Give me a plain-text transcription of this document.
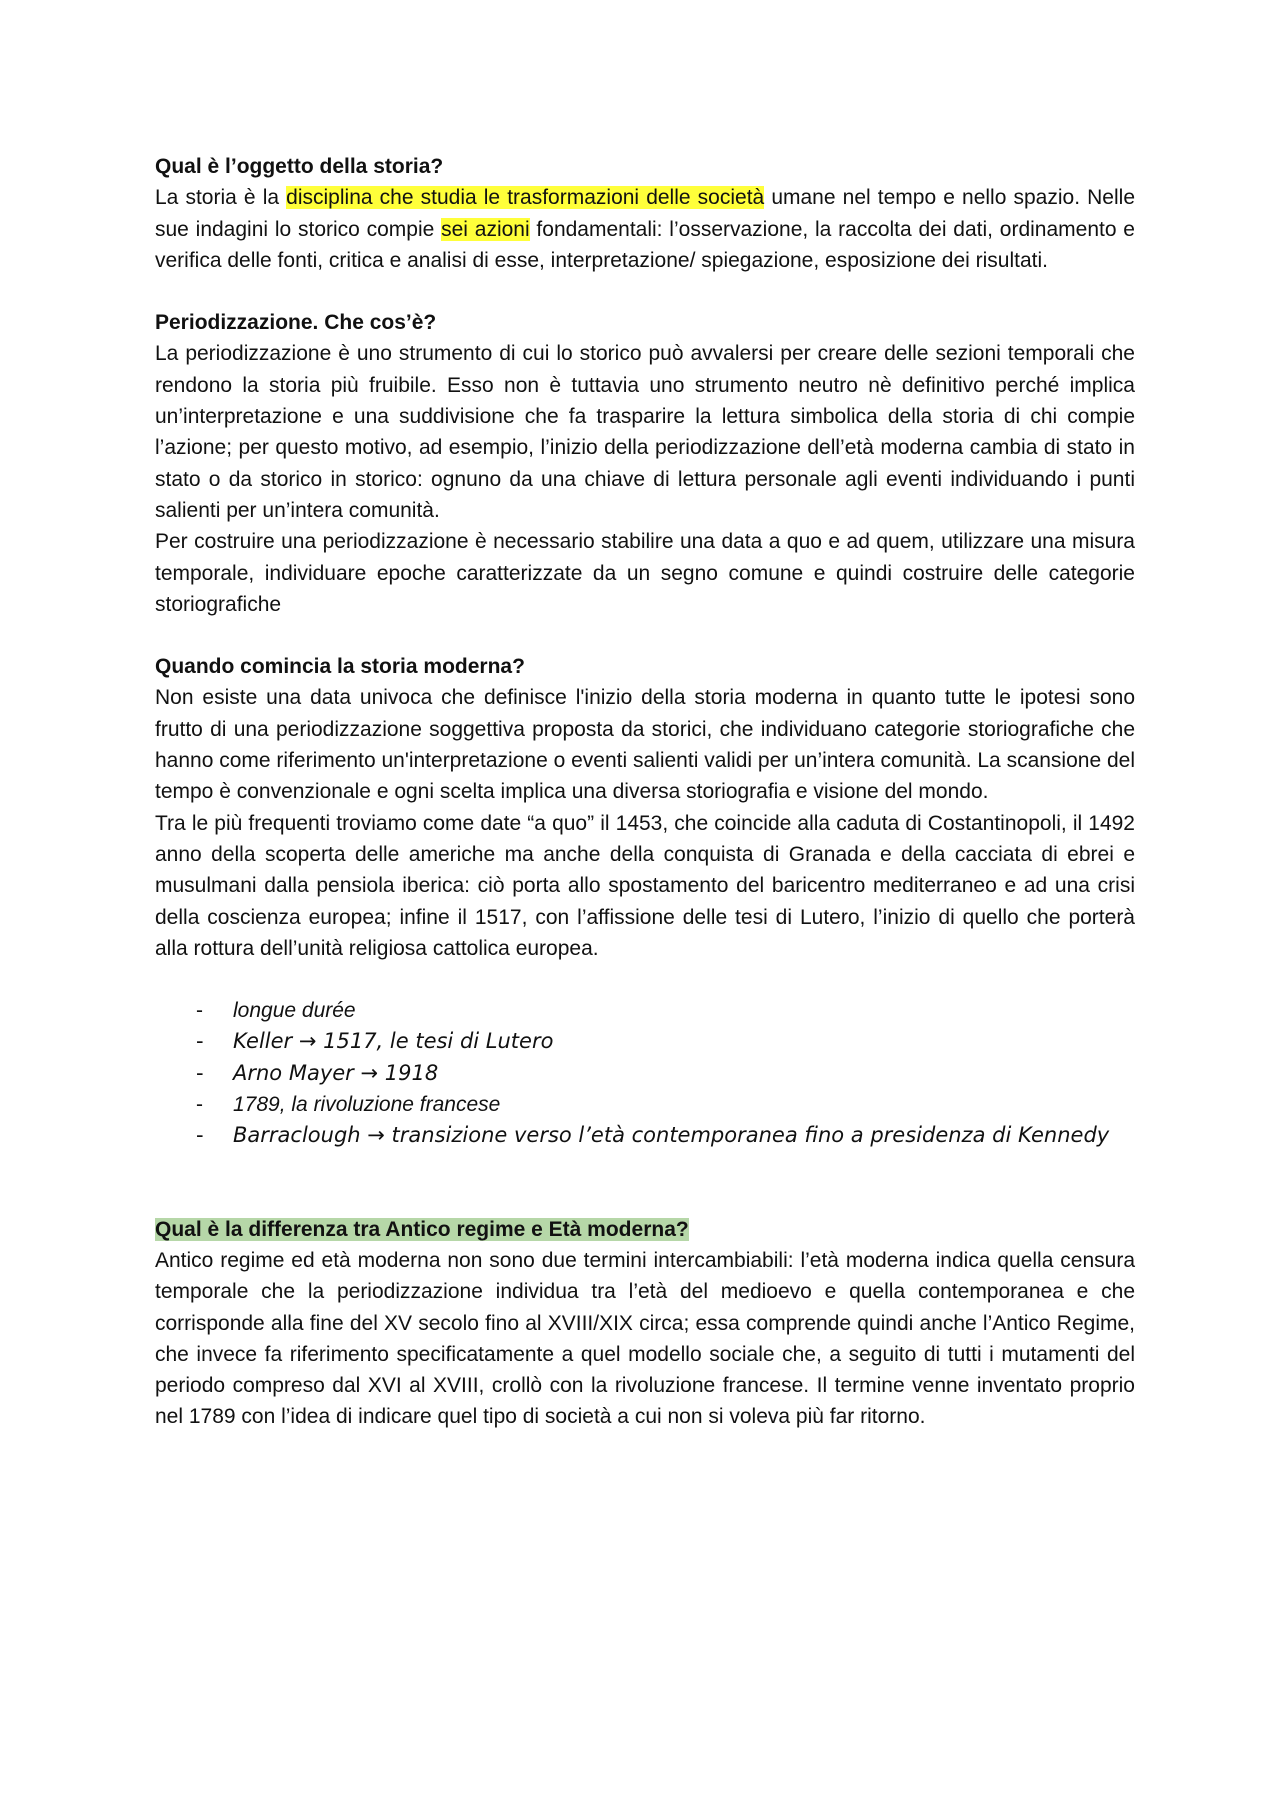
Qual è l’oggetto della storia?

La storia è la disciplina che studia le trasformazioni delle società umane nel tempo e nello spazio. Nelle sue indagini lo storico compie sei azioni fondamentali: l’osservazione, la raccolta dei dati, ordinamento e verifica delle fonti, critica e analisi di esse, interpretazione/ spiegazione, esposizione dei risultati.

Periodizzazione. Che cos’è?

La periodizzazione è uno strumento di cui lo storico può avvalersi per creare delle sezioni temporali che rendono la storia più fruibile. Esso non è tuttavia uno strumento neutro nè definitivo perché implica un’interpretazione e una suddivisione che fa trasparire la lettura simbolica della storia di chi compie l’azione; per questo motivo, ad esempio, l’inizio della periodizzazione dell’età moderna cambia di stato in stato o da storico in storico: ognuno da una chiave di lettura personale agli eventi individuando i punti salienti per un’intera comunità.

Per costruire una periodizzazione è necessario stabilire una data a quo e ad quem, utilizzare una misura temporale, individuare epoche caratterizzate da un segno comune e quindi costruire delle categorie storiografiche

Quando comincia la storia moderna?

Non esiste una data univoca che definisce l'inizio della storia moderna in quanto tutte le ipotesi sono frutto di una periodizzazione soggettiva proposta da storici, che individuano categorie storiografiche che hanno come riferimento un'interpretazione o eventi salienti validi per un’intera comunità. La scansione del tempo è convenzionale e ogni scelta implica una diversa storiografia e visione del mondo.

Tra le più frequenti troviamo come date “a quo” il 1453, che coincide alla caduta di Costantinopoli, il 1492 anno della scoperta delle americhe ma anche della conquista di Granada e della cacciata di ebrei e musulmani dalla pensiola iberica: ciò porta allo spostamento del baricentro mediterraneo e ad una crisi della coscienza europea; infine il 1517, con l’affissione delle tesi di Lutero, l’inizio di quello che porterà alla rottura dell’unità religiosa cattolica europea.

- longue durée
- Keller → 1517, le tesi di Lutero
- Arno Mayer → 1918
- 1789, la rivoluzione francese
- Barraclough → transizione verso l’età contemporanea fino a presidenza di Kennedy
Qual è la differenza tra Antico regime e Età moderna?

Antico regime ed età moderna non sono due termini intercambiabili: l’età moderna indica quella censura temporale che la periodizzazione individua tra l’età del medioevo e quella contemporanea e che corrisponde alla fine del XV secolo fino al XVIII/XIX circa; essa comprende quindi anche l’Antico Regime, che invece fa riferimento specificatamente a quel modello sociale che, a seguito di tutti i mutamenti del periodo compreso dal XVI al XVIII, crollò con la rivoluzione francese. Il termine venne inventato proprio nel 1789 con l’idea di indicare quel tipo di società a cui non si voleva più far ritorno.
